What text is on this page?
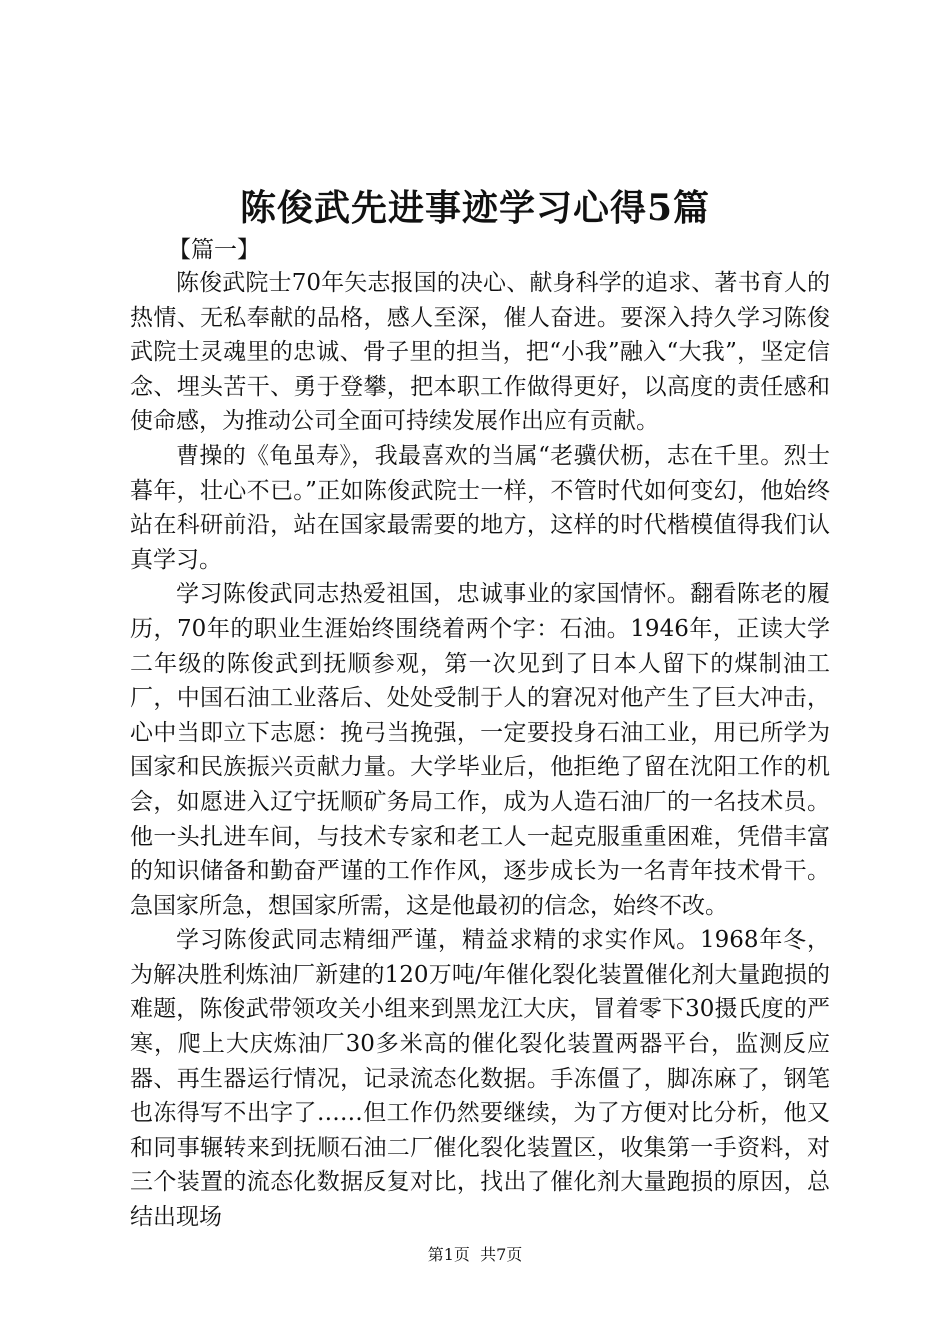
陈俊武先进事迹学习心得5篇
【篇一】

陈俊武院士70年矢志报国的决心、献身科学的追求、著书育人的热情、无私奉献的品格，感人至深，催人奋进。要深入持久学习陈俊武院士灵魂里的忠诚、骨子里的担当，把“小我”融入“大我”，坚定信念、埋头苦干、勇于登攀，把本职工作做得更好，以高度的责任感和使命感，为推动公司全面可持续发展作出应有贡献。

曹操的《龟虽寿》，我最喜欢的当属“老骥伏枥，志在千里。烈士暮年，壮心不已。”正如陈俊武院士一样，不管时代如何变幻，他始终站在科研前沿，站在国家最需要的地方，这样的时代楷模值得我们认真学习。

学习陈俊武同志热爱祖国，忠诚事业的家国情怀。翻看陈老的履历，70年的职业生涯始终围绕着两个字：石油。1946年，正读大学二年级的陈俊武到抚顺参观，第一次见到了日本人留下的煤制油工厂，中国石油工业落后、处处受制于人的窘况对他产生了巨大冲击，心中当即立下志愿：挽弓当挽强，一定要投身石油工业，用已所学为国家和民族振兴贡献力量。大学毕业后，他拒绝了留在沈阳工作的机会，如愿进入辽宁抚顺矿务局工作，成为人造石油厂的一名技术员。他一头扎进车间，与技术专家和老工人一起克服重重困难，凭借丰富的知识储备和勤奋严谨的工作作风，逐步成长为一名青年技术骨干。急国家所急，想国家所需，这是他最初的信念，始终不改。

学习陈俊武同志精细严谨，精益求精的求实作风。1968年冬，为解决胜利炼油厂新建的120万吨/年催化裂化装置催化剂大量跑损的难题，陈俊武带领攻关小组来到黑龙江大庆，冒着零下30摄氏度的严寒，爬上大庆炼油厂30多米高的催化裂化装置两器平台，监测反应器、再生器运行情况，记录流态化数据。手冻僵了，脚冻麻了，钢笔也冻得写不出字了……但工作仍然要继续，为了方便对比分析，他又和同事辗转来到抚顺石油二厂催化裂化装置区，收集第一手资料，对三个装置的流态化数据反复对比，找出了催化剂大量跑损的原因，总结出现场

第1页 共7页
